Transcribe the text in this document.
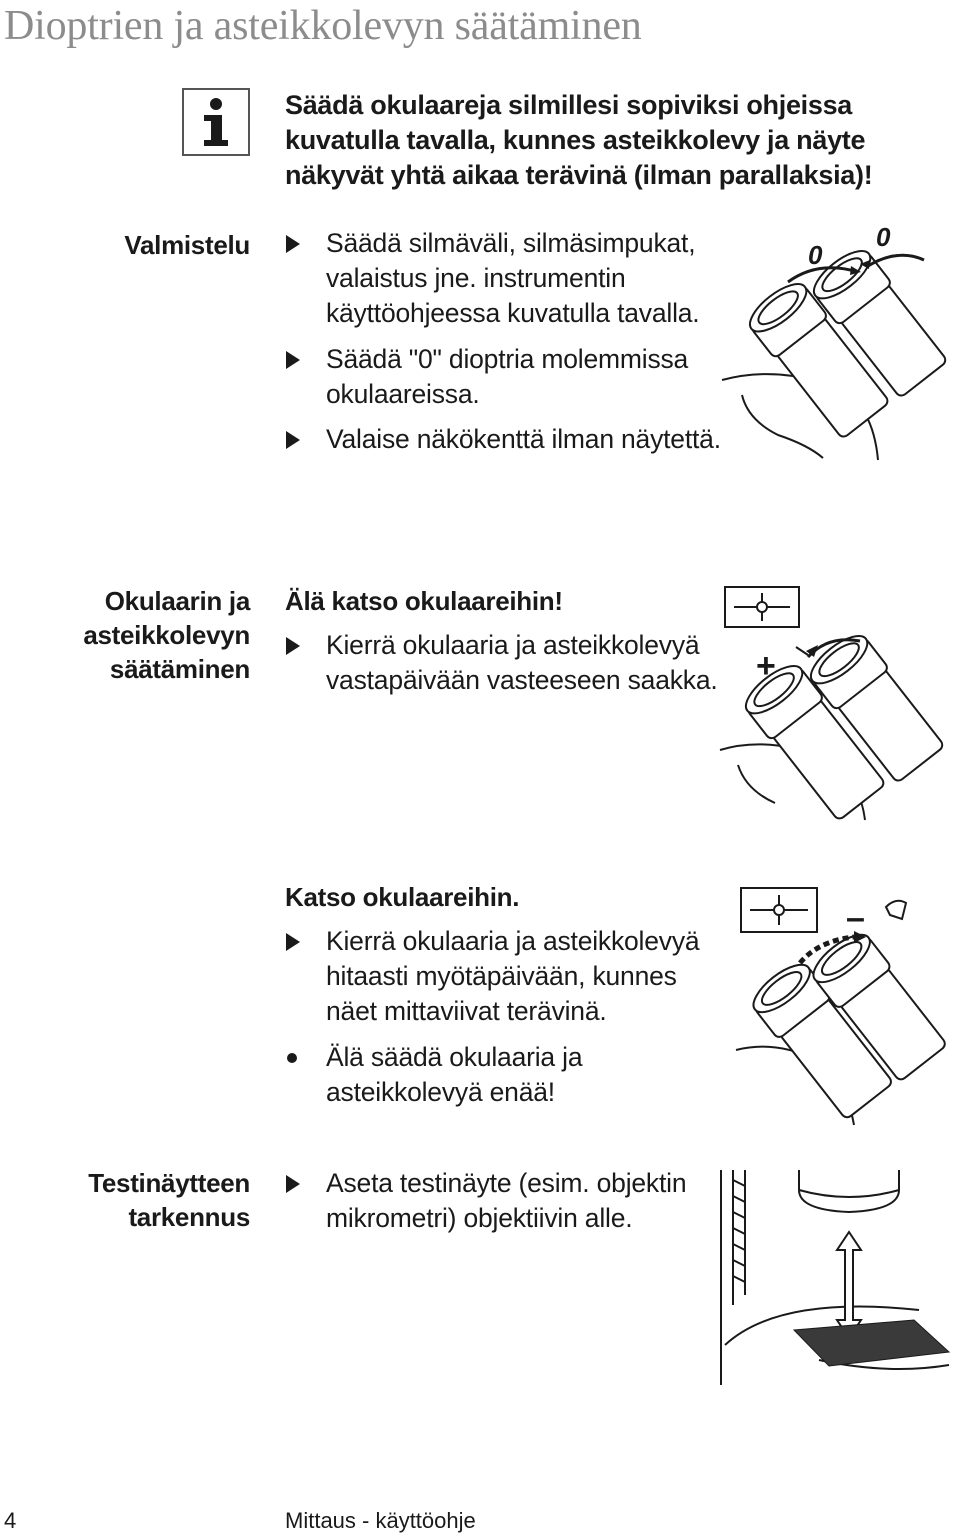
Dioptrien ja asteikkolevyn säätäminen
Säädä okulaareja silmillesi sopiviksi ohjeissa kuvatulla tavalla, kunnes asteikkolevy ja näyte näkyvät yhtä aikaa terävinä (ilman parallaksia)!
Valmistelu	Säädä silmäväli, silmäsimpukat, valaistus jne. instrumentin käyttöohjeessa kuvatulla tavalla.
Säädä "0" dioptria molemmissa okulaareissa.
Valaise näkökenttä ilman näytettä.
0
0
Okulaarin ja asteikkolevyn säätäminen
Älä katso okulaareihin!
Kierrä okulaaria ja asteikkolevyä vastapäivään vasteeseen saakka. +
Katso okulaareihin.
Kierrä okulaaria ja asteikkolevyä hitaasti myötäpäivään, kunnes näet mittaviivat terävinä.
Älä säädä okulaaria ja asteikkolevyä enää!
–
Testinäytteen tarkennus
Aseta testinäyte (esim. objektin mikrometri) objektiivin alle.
4	Mittaus - käyttöohje
